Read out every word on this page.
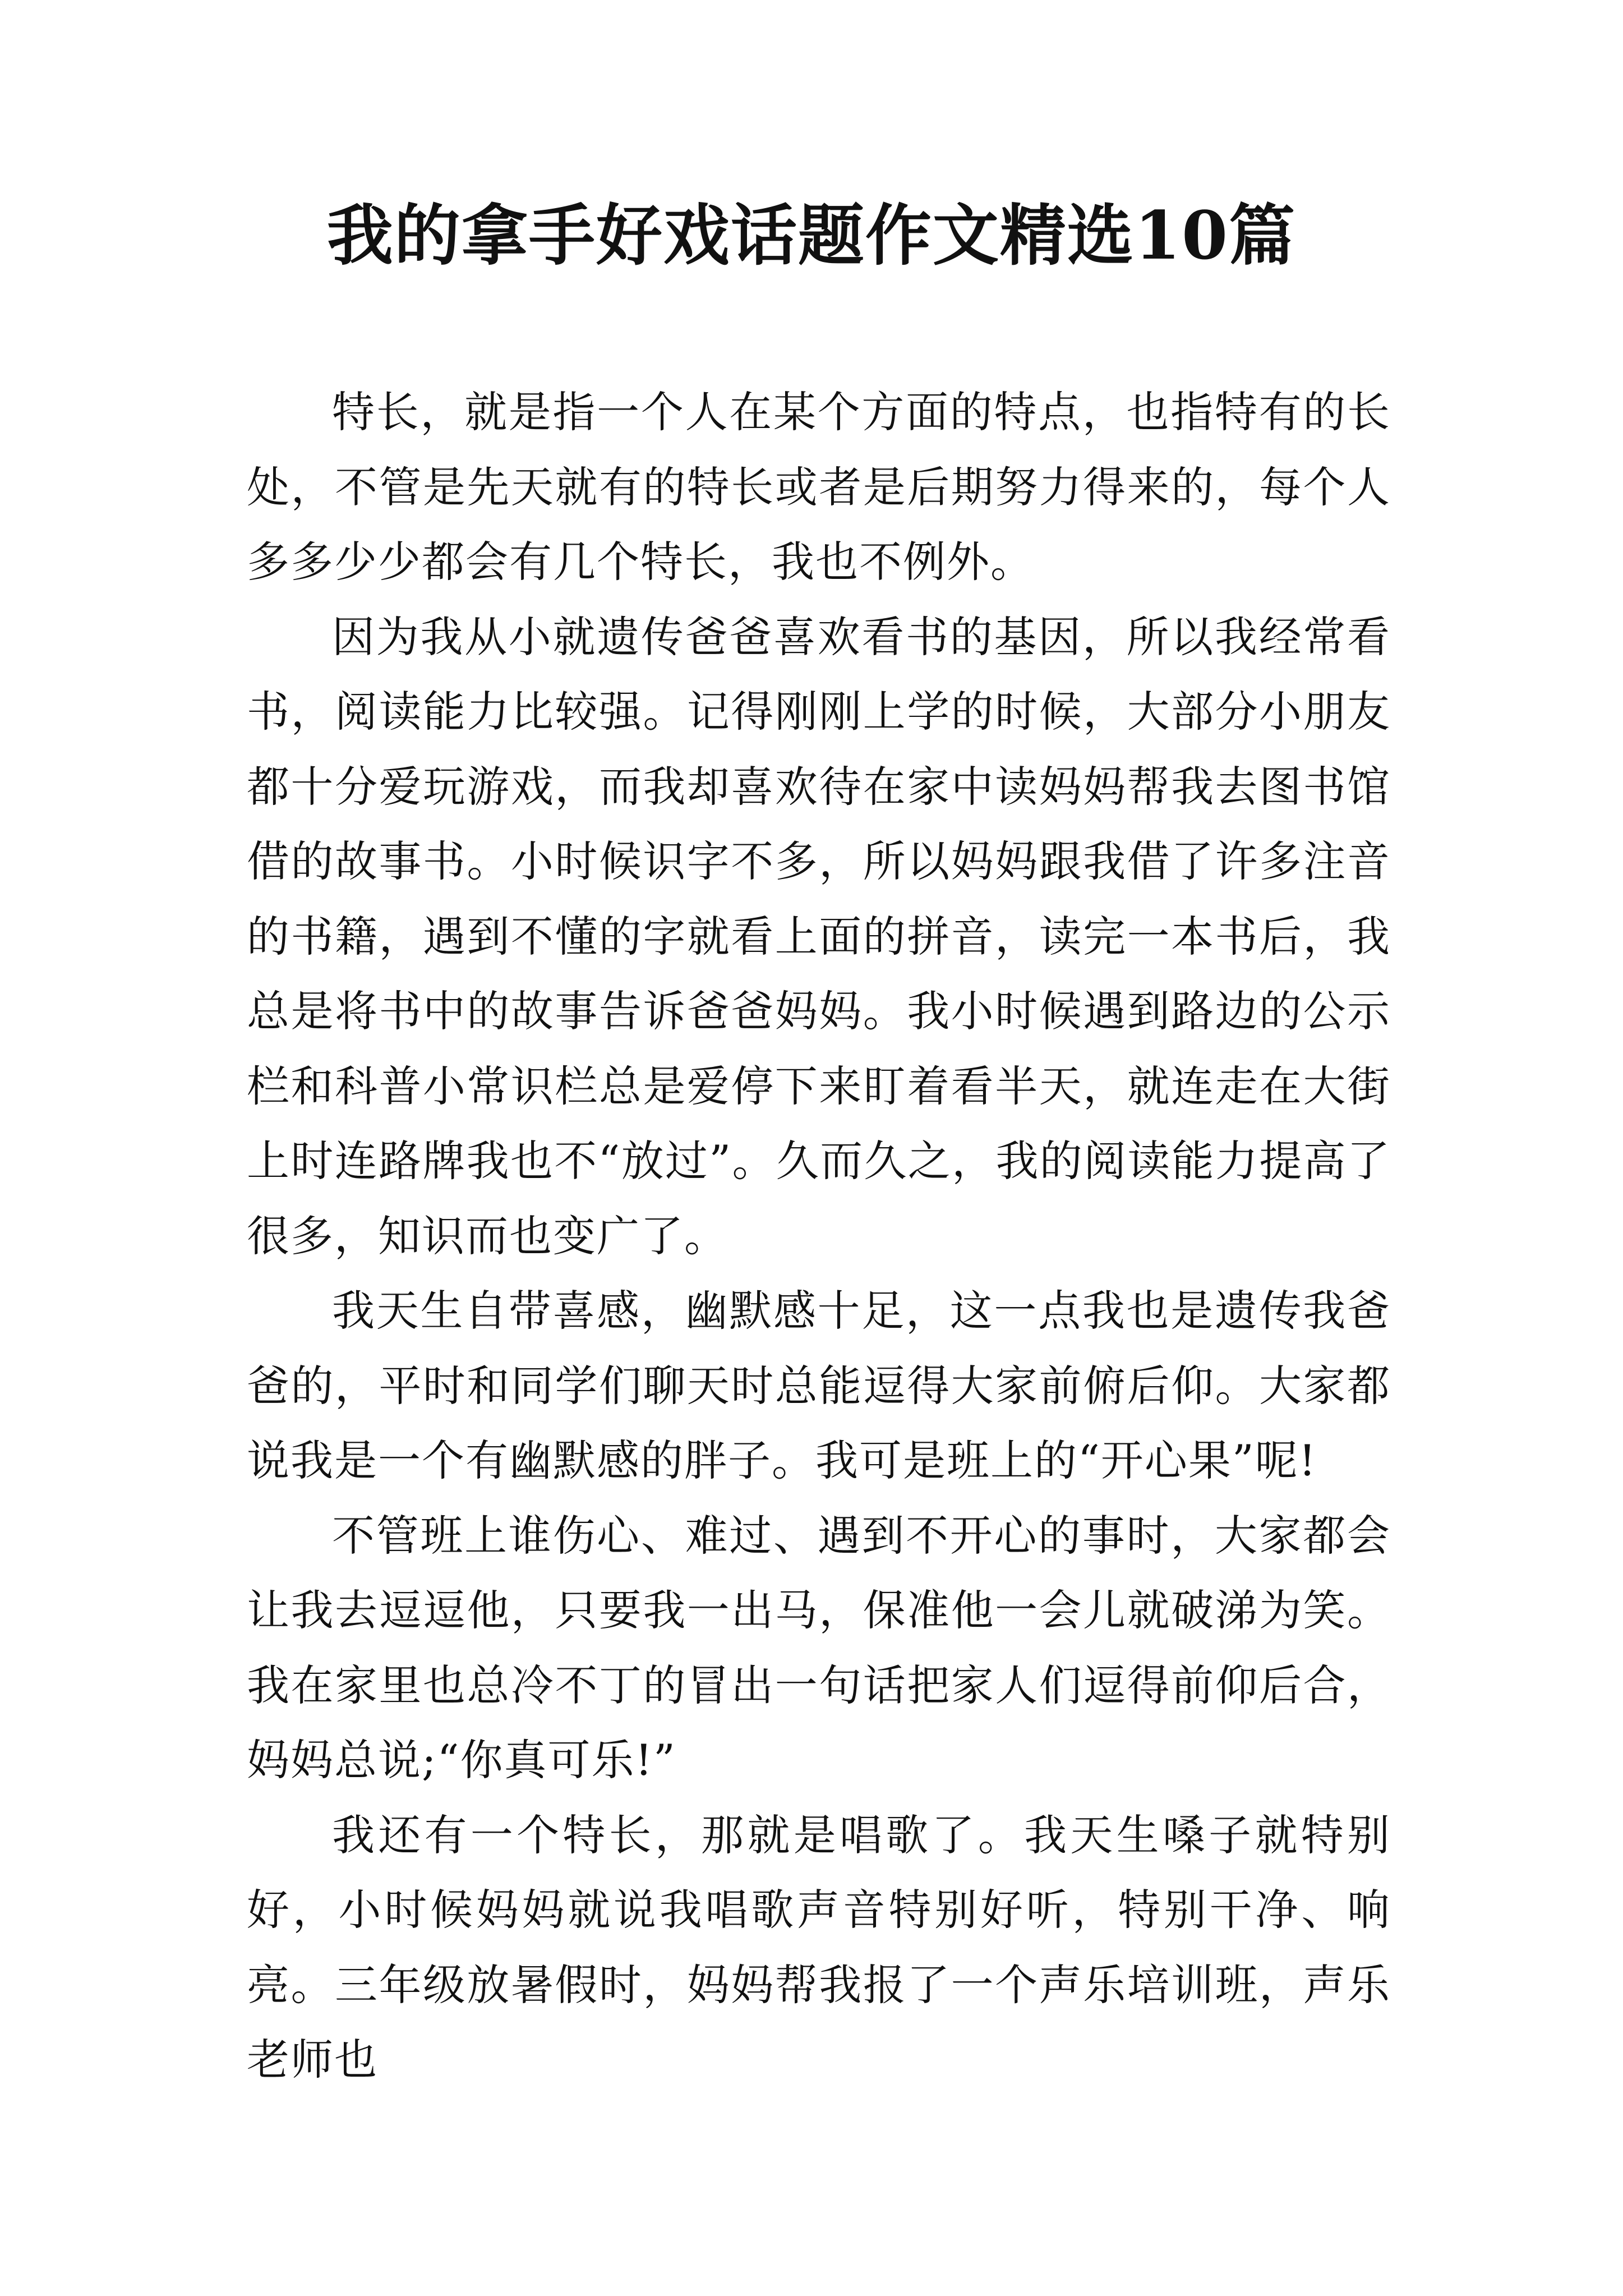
我的拿手好戏话题作文精选10篇

特长，就是指一个人在某个方面的特点，也指特有的长处，不管是先天就有的特长或者是后期努力得来的，每个人多多少少都会有几个特长，我也不例外。

因为我从小就遗传爸爸喜欢看书的基因，所以我经常看书，阅读能力比较强。记得刚刚上学的时候，大部分小朋友都十分爱玩游戏，而我却喜欢待在家中读妈妈帮我去图书馆借的故事书。小时候识字不多，所以妈妈跟我借了许多注音的书籍，遇到不懂的字就看上面的拼音，读完一本书后，我总是将书中的故事告诉爸爸妈妈。我小时候遇到路边的公示栏和科普小常识栏总是爱停下来盯着看半天，就连走在大街上时连路牌我也不“放过”。久而久之，我的阅读能力提高了很多，知识而也变广了。

我天生自带喜感，幽默感十足，这一点我也是遗传我爸爸的，平时和同学们聊天时总能逗得大家前俯后仰。大家都说我是一个有幽默感的胖子。我可是班上的“开心果”呢!

不管班上谁伤心、难过、遇到不开心的事时，大家都会让我去逗逗他，只要我一出马，保准他一会儿就破涕为笑。我在家里也总冷不丁的冒出一句话把家人们逗得前仰后合，妈妈总说;“你真可乐!”

我还有一个特长，那就是唱歌了。我天生嗓子就特别好，小时候妈妈就说我唱歌声音特别好听，特别干净、响亮。三年级放暑假时，妈妈帮我报了一个声乐培训班，声乐老师也
